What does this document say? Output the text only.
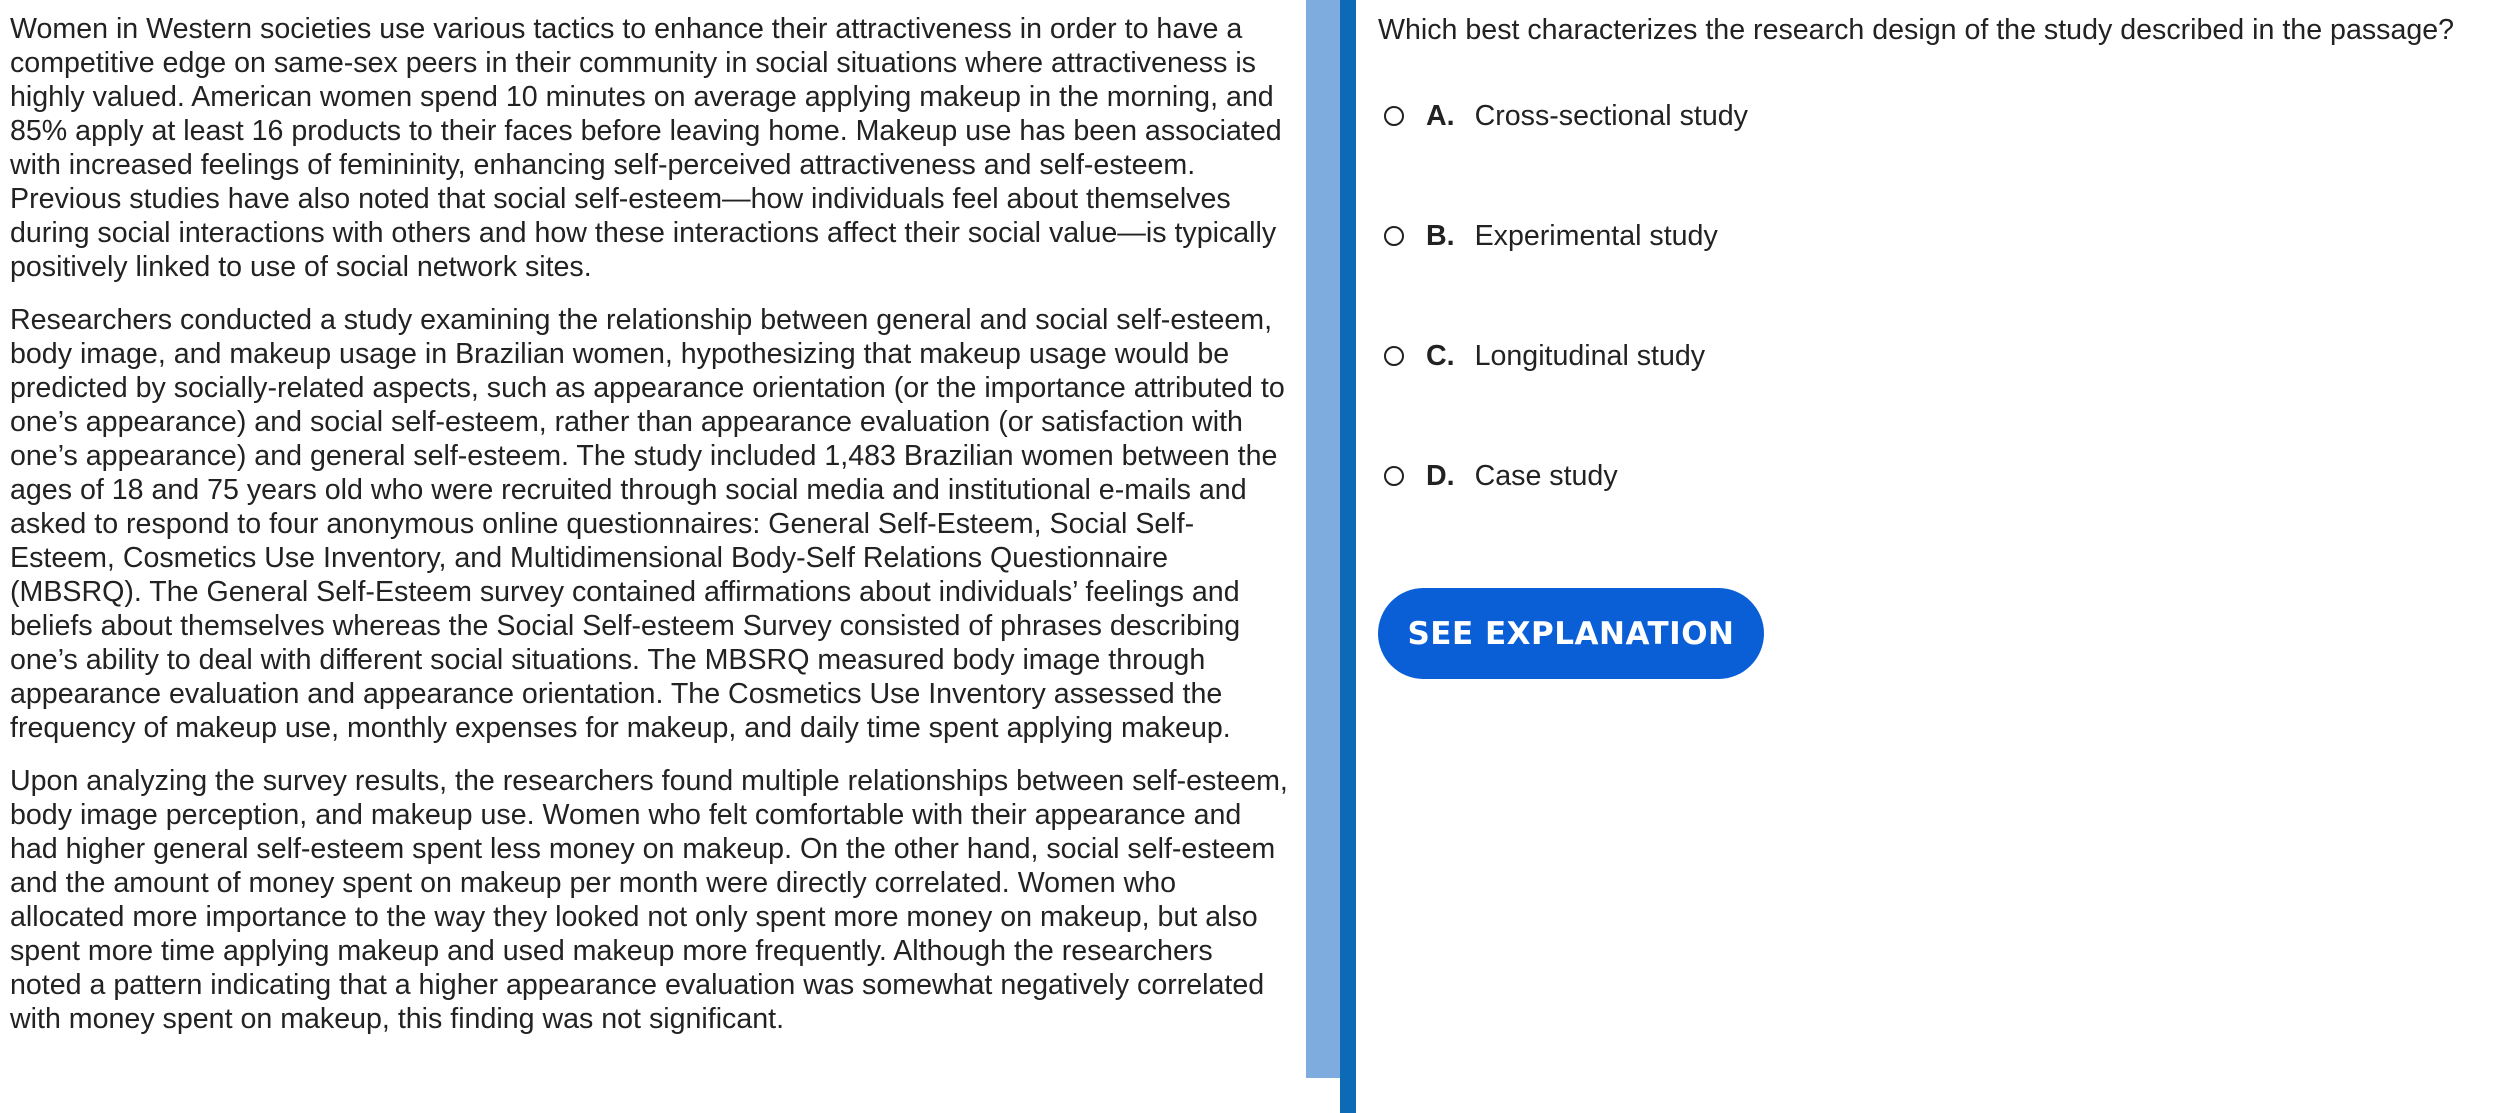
Women in Western societies use various tactics to enhance their attractiveness in order to have a competitive edge on same-sex peers in their community in social situations where attractiveness is highly valued. American women spend 10 minutes on average applying makeup in the morning, and 85% apply at least 16 products to their faces before leaving home. Makeup use has been associated with increased feelings of femininity, enhancing self-perceived attractiveness and self-esteem. Previous studies have also noted that social self-esteem—how individuals feel about themselves during social interactions with others and how these interactions affect their social value—is typically positively linked to use of social network sites.

Researchers conducted a study examining the relationship between general and social self-esteem, body image, and makeup usage in Brazilian women, hypothesizing that makeup usage would be predicted by socially-related aspects, such as appearance orientation (or the importance attributed to one’s appearance) and social self-esteem, rather than appearance evaluation (or satisfaction with one’s appearance) and general self-esteem. The study included 1,483 Brazilian women between the ages of 18 and 75 years old who were recruited through social media and institutional e-mails and asked to respond to four anonymous online questionnaires: General Self-Esteem, Social Self-Esteem, Cosmetics Use Inventory, and Multidimensional Body-Self Relations Questionnaire (MBSRQ). The General Self-Esteem survey contained affirmations about individuals’ feelings and beliefs about themselves whereas the Social Self-esteem Survey consisted of phrases describing one’s ability to deal with different social situations. The MBSRQ measured body image through appearance evaluation and appearance orientation. The Cosmetics Use Inventory assessed the frequency of makeup use, monthly expenses for makeup, and daily time spent applying makeup.

Upon analyzing the survey results, the researchers found multiple relationships between self-esteem, body image perception, and makeup use. Women who felt comfortable with their appearance and had higher general self-esteem spent less money on makeup. On the other hand, social self-esteem and the amount of money spent on makeup per month were directly correlated. Women who allocated more importance to the way they looked not only spent more money on makeup, but also spent more time applying makeup and used makeup more frequently. Although the researchers noted a pattern indicating that a higher appearance evaluation was somewhat negatively correlated with money spent on makeup, this finding was not significant.

Which best characterizes the research design of the study described in the passage?

A. Cross-sectional study
B. Experimental study
C. Longitudinal study
D. Case study
SEE EXPLANATION
